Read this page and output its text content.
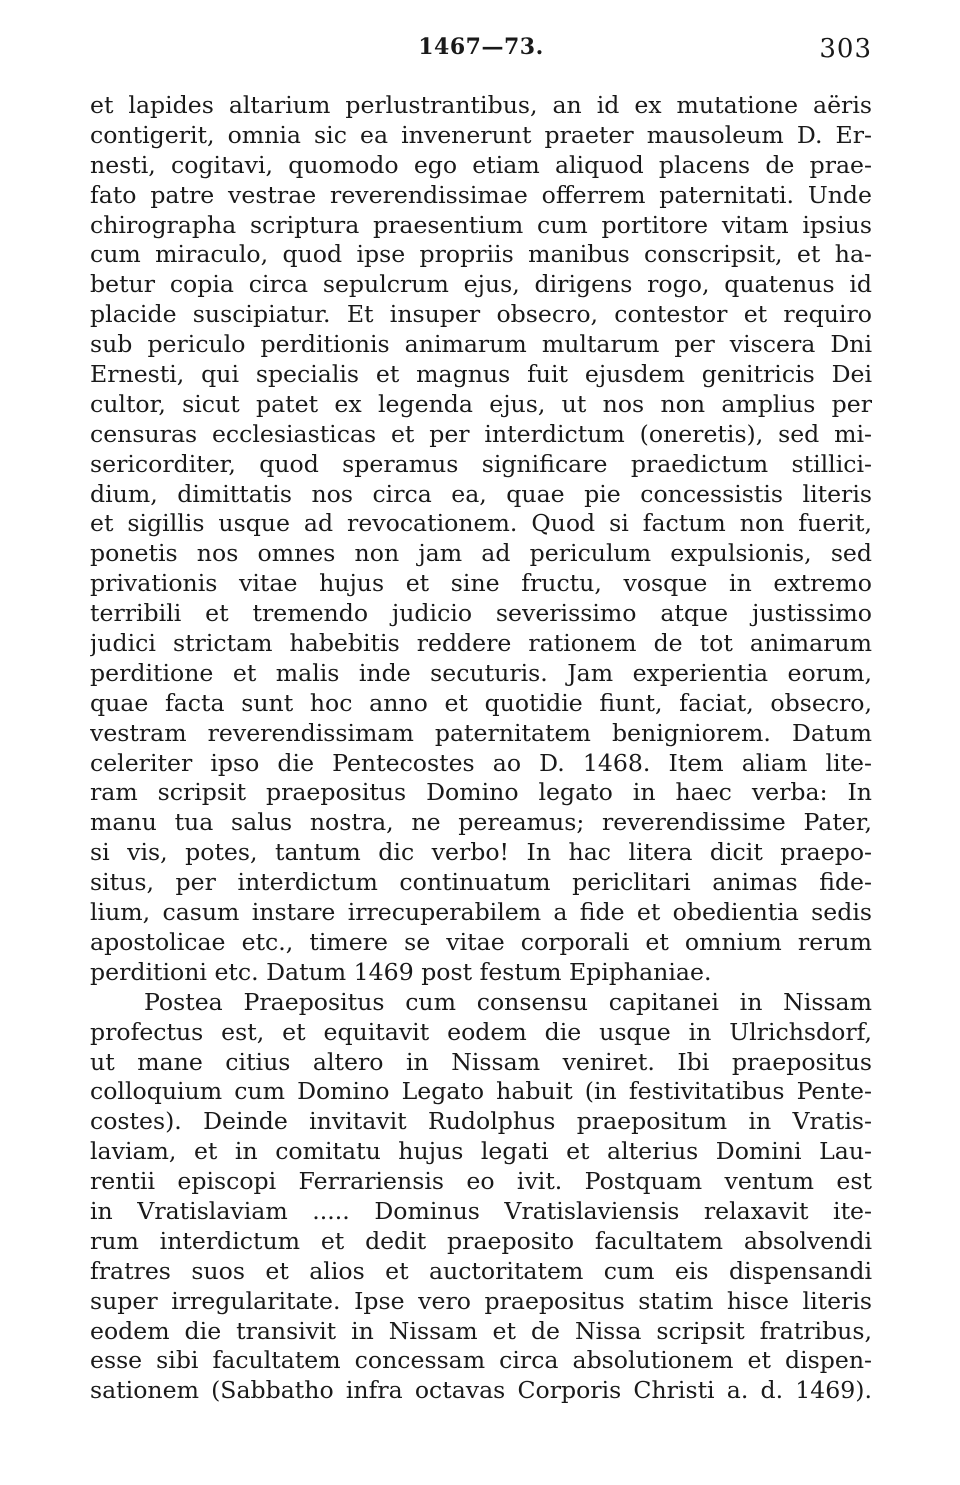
1467—73.	303
et lapides altarium perlustrantibus, an id ex mutatione aëris
contigerit, omnia sic ea invenerunt praeter mausoleum D. Er-
nesti, cogitavi, quomodo ego etiam aliquod placens de prae-
fato patre vestrae reverendissimae offerrem paternitati. Unde
chirographa scriptura praesentium cum portitore vitam ipsius
cum miraculo, quod ipse propriis manibus conscripsit, et ha-
betur copia circa sepulcrum ejus, dirigens rogo, quatenus id
placide suscipiatur. Et insuper obsecro, contestor et requiro
sub periculo perditionis animarum multarum per viscera Dni
Ernesti, qui specialis et magnus fuit ejusdem genitricis Dei
cultor, sicut patet ex legenda ejus, ut nos non amplius per
censuras ecclesiasticas et per interdictum (oneretis), sed mi-
sericorditer, quod speramus significare praedictum stillici-
dium, dimittatis nos circa ea, quae pie concessistis literis
et sigillis usque ad revocationem. Quod si factum non fuerit,
ponetis nos omnes non jam ad periculum expulsionis, sed
privationis vitae hujus et sine fructu, vosque in extremo
terribili et tremendo judicio severissimo atque justissimo
judici strictam habebitis reddere rationem de tot animarum
perditione et malis inde secuturis. Jam experientia eorum,
quae facta sunt hoc anno et quotidie fiunt, faciat, obsecro,
vestram reverendissimam paternitatem benigniorem. Datum
celeriter ipso die Pentecostes ao D. 1468. Item aliam lite-
ram scripsit praepositus Domino legato in haec verba: In
manu tua salus nostra, ne pereamus; reverendissime Pater,
si vis, potes, tantum dic verbo! In hac litera dicit praepo-
situs, per interdictum continuatum periclitari animas fide-
lium, casum instare irrecuperabilem a fide et obedientia sedis
apostolicae etc., timere se vitae corporali et omnium rerum
perditioni etc. Datum 1469 post festum Epiphaniae.
Postea Praepositus cum consensu capitanei in Nissam
profectus est, et equitavit eodem die usque in Ulrichsdorf,
ut mane citius altero in Nissam veniret. Ibi praepositus
colloquium cum Domino Legato habuit (in festivitatibus Pente-
costes). Deinde invitavit Rudolphus praepositum in Vratis-
laviam, et in comitatu hujus legati et alterius Domini Lau-
rentii episcopi Ferrariensis eo ivit. Postquam ventum est
in Vratislaviam ..... Dominus Vratislaviensis relaxavit ite-
rum interdictum et dedit praeposito facultatem absolvendi
fratres suos et alios et auctoritatem cum eis dispensandi
super irregularitate. Ipse vero praepositus statim hisce literis
eodem die transivit in Nissam et de Nissa scripsit fratribus,
esse sibi facultatem concessam circa absolutionem et dispen-
sationem (Sabbatho infra octavas Corporis Christi a. d. 1469).
